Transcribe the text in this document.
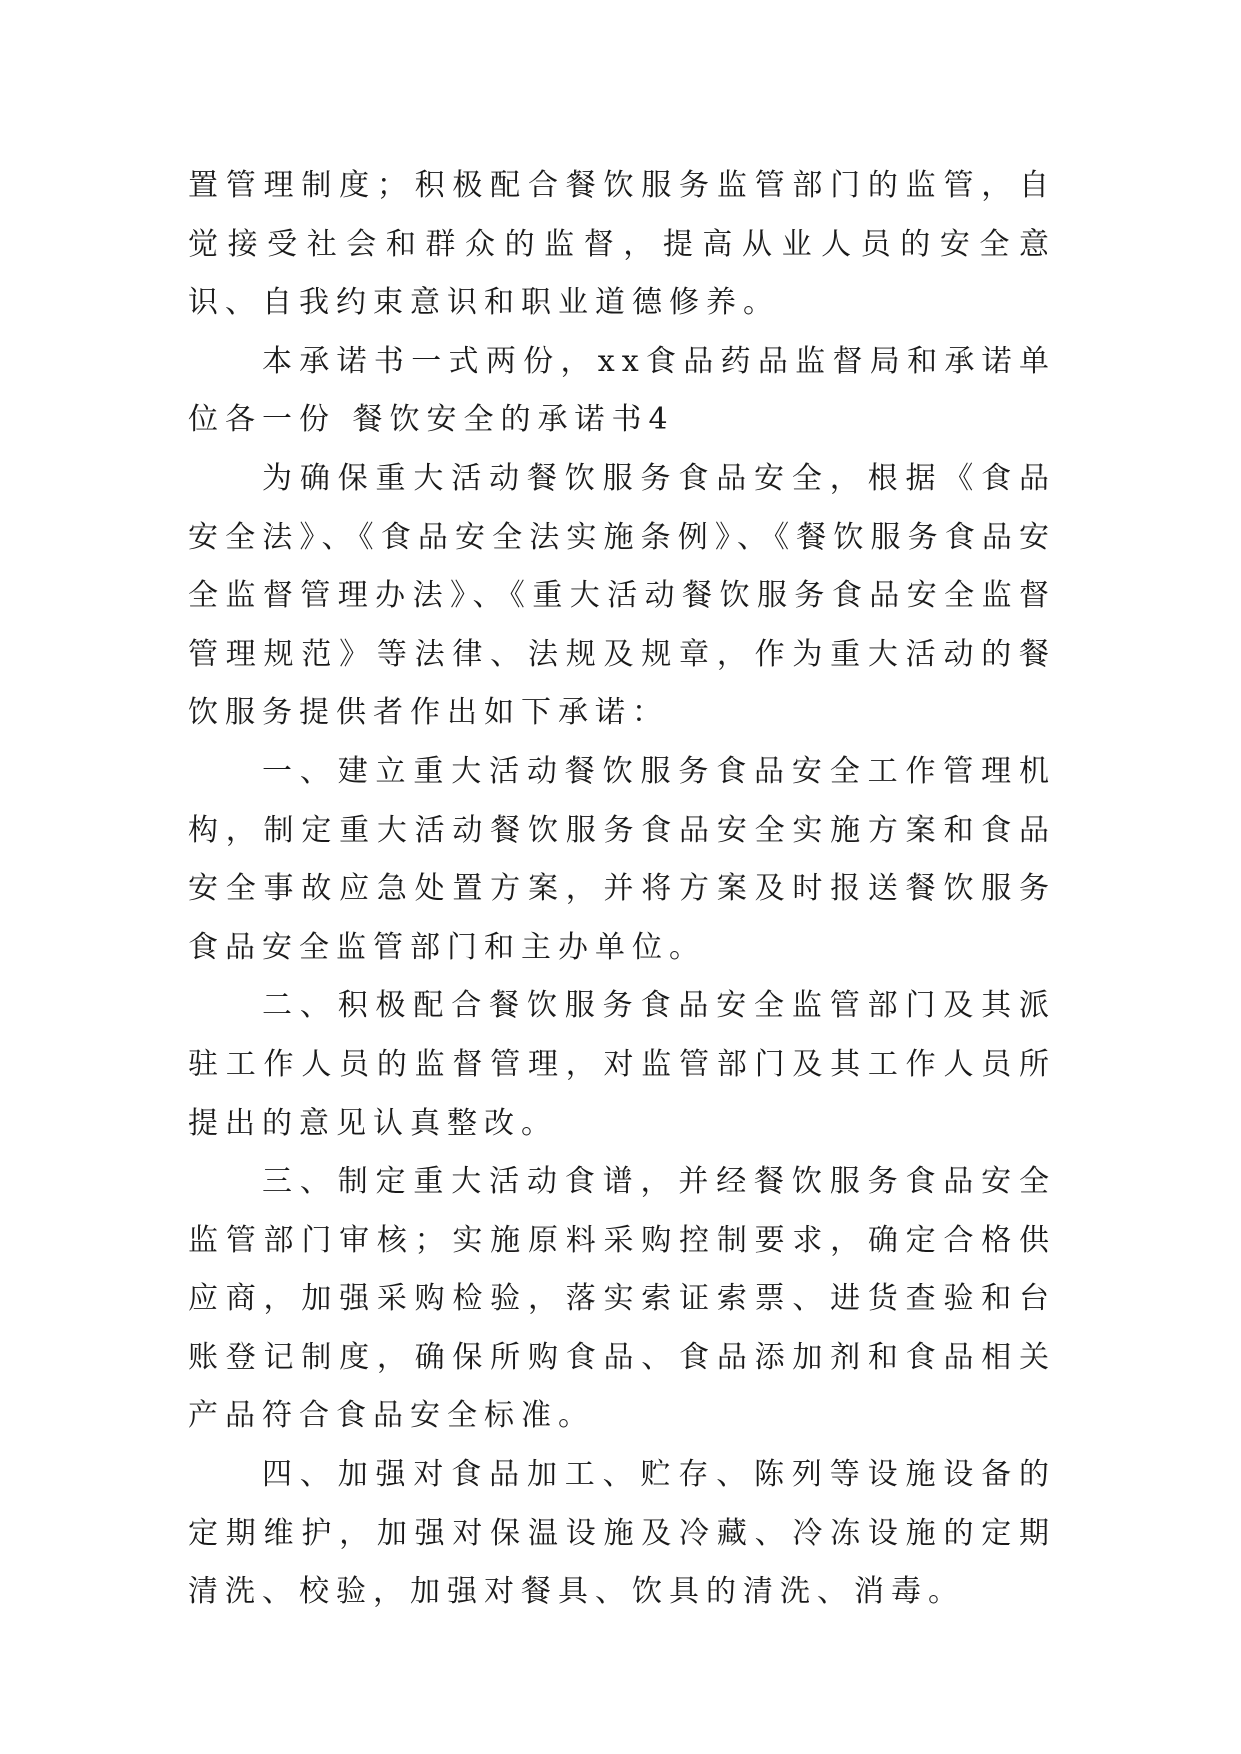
置管理制度；积极配合餐饮服务监管部门的监管，自觉接受社会和群众的监督，提高从业人员的安全意识、自我约束意识和职业道德修养。

本承诺书一式两份，xx食品药品监督局和承诺单位各一份 餐饮安全的承诺书4

为确保重大活动餐饮服务食品安全，根据《食品安全法》、《食品安全法实施条例》、《餐饮服务食品安全监督管理办法》、《重大活动餐饮服务食品安全监督管理规范》等法律、法规及规章，作为重大活动的餐饮服务提供者作出如下承诺：

一、建立重大活动餐饮服务食品安全工作管理机构，制定重大活动餐饮服务食品安全实施方案和食品安全事故应急处置方案，并将方案及时报送餐饮服务食品安全监管部门和主办单位。

二、积极配合餐饮服务食品安全监管部门及其派驻工作人员的监督管理，对监管部门及其工作人员所提出的意见认真整改。

三、制定重大活动食谱，并经餐饮服务食品安全监管部门审核；实施原料采购控制要求，确定合格供应商，加强采购检验，落实索证索票、进货查验和台账登记制度，确保所购食品、食品添加剂和食品相关产品符合食品安全标准。

四、加强对食品加工、贮存、陈列等设施设备的定期维护，加强对保温设施及冷藏、冷冻设施的定期清洗、校验，加强对餐具、饮具的清洗、消毒。
